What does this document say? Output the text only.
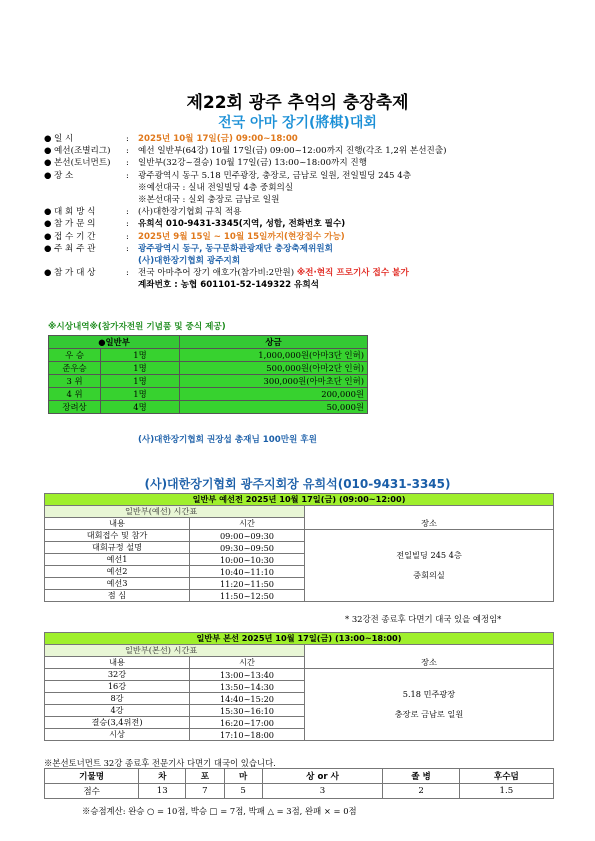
제22회 광주 추억의 충장축제
전국 아마 장기(將棋)대회
● 일 시	:	2025년 10월 17일(금) 09:00~18:00
● 예선(조별리그)	:	예선 일반부(64강) 10월 17일(금) 09:00~12:00까지 진행(각조 1,2위 본선진출)
● 본선(토너먼트)	:	일반부(32강~결승) 10월 17일(금) 13:00~18:00까지 진행
● 장 소	:	광주광역시 동구 5.18 민주광장, 충장로, 금남로 일원, 전일빌딩 245 4층
※예선대국 : 실내 전일빌딩 4층 중회의실
※본선대국 : 실외 충장로 금남로 일원
● 대 회 방 식	:	(사)대한장기협회 규칙 적용
● 참 가 문 의	:	유희석 010-9431-3345(지역, 성함, 전화번호 필수)
● 접 수 기 간	:	2025년 9월 15일 ~ 10월 15일까지(현장접수 가능)
● 주 최 주 관	:	광주광역시 동구, 동구문화관광재단 충장축제위원회
(사)대한장기협회 광주지회
● 참 가 대 상	:	전국 아마추어 장기 애호가(참가비:2만원) ※전·현직 프로기사 접수 불가
계좌번호 : 농협 601101-52-149322 유희석
※시상내역※(참가자전원 기념품 및 중식 제공)
●일반부		상금
우 승	1명	1,000,000원(아마3단 인허)
준우승	1명	500,000원(아마2단 인허)
3 위	1명	300,000원(아마초단 인허)
4 위	1명	200,000원
장려상	4명	50,000원
(사)대한장기협회 권장섭 총재님 100만원 후원
(사)대한장기협회 광주지회장 유희석(010-9431-3345)
일반부 예선전 2025년 10월 17일(금) (09:00~12:00)		
일반부(예선) 시간표		
내용	시간	장소
대회접수 및 참가	09:00~09:30	전일빌딩 245 4층
중회의실

대회규정 설명	09:30~09:50	
예선1	10:00~10:30	
예선2	10:40~11:10	
예선3	11:20~11:50	
점 심	11:50~12:50	
* 32강전 종료후 다면기 대국 있을 예정임*
일반부 본선 2025년 10월 17일(금) (13:00~18:00)		
일반부(본선) 시간표		
내용	시간	장소
32강	13:00~13:40	5.18 민주광장
충장로 금남로 일원

16강	13:50~14:30	
8강	14:40~15:20	
4강	15:30~16:10	
결승(3,4위전)	16:20~17:00	
시상	17:10~18:00	
※본선토너먼트 32강 종료후 전문기사 다면기 대국이 있습니다.
기물명	차	포	마	상 or 사	졸 병	후수덤
점수	13	7	5	3	2	1.5
※승점계산: 완승 ○ = 10점, 박승 □ = 7점, 박패 △ = 3점, 완패 × = 0점
